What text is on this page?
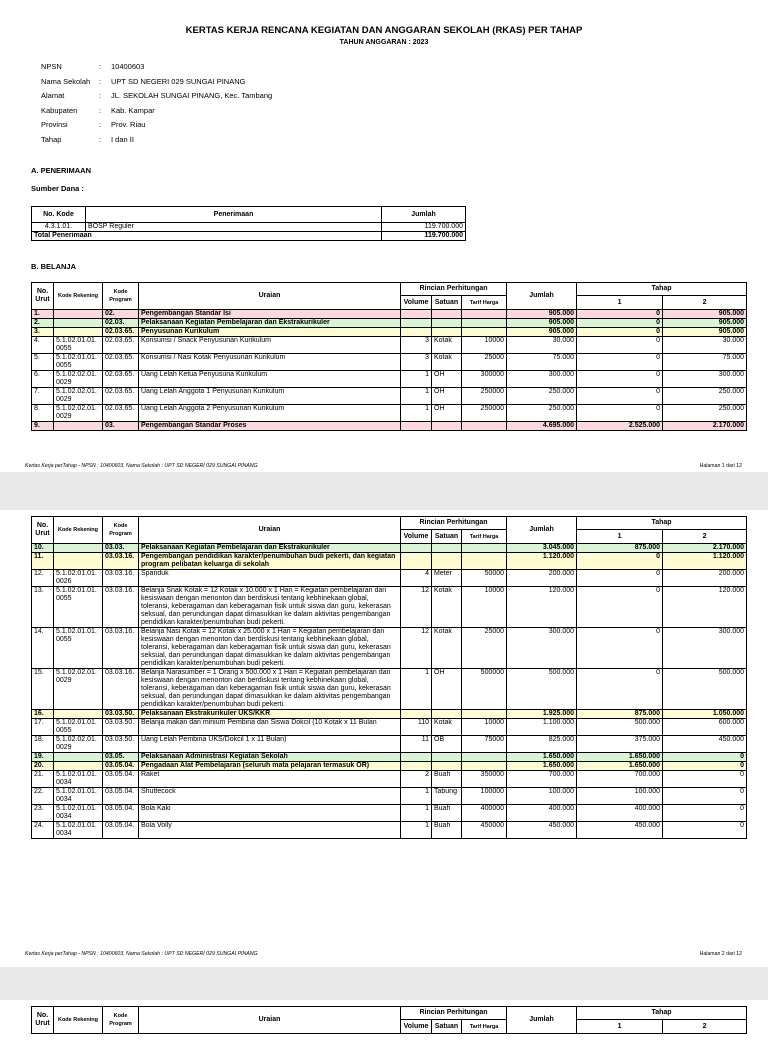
KERTAS KERJA RENCANA KEGIATAN DAN ANGGARAN SEKOLAH (RKAS) PER TAHAP
TAHUN ANGGARAN : 2023
NPSN	:	10400603
Nama Sekolah	:	UPT SD NEGERI 029 SUNGAI PINANG
Alamat	:	JL. SEKOLAH SUNGAI PINANG, Kec. Tambang
Kabupaten	:	Kab. Kampar
Provinsi	:	Prov. Riau
Tahap	:	I dan II
A. PENERIMAAN
Sumber Dana :
No. Kode	Penerimaan	Jumlah
4.3.1.01.	BOSP Reguler	119.700.000
Total Penerimaan		119.700.000
B. BELANJA
No. Urut	Kode Rekening	Kode Program	Uraian	Rincian Perhitungan			Jumlah	Tahap	
				Volume	Satuan	Tarif Harga		1	2
1.		02.	Pengembangan Standar Isi				905.000	0	905.000
2.		02.03.	Pelaksanaan Kegiatan Pembelajaran dan Ekstrakurikuler				905.000	0	905.000
3.		02.03.65.	Penyusunan Kurikulum				905.000	0	905.000
4.	5.1.02.01.01.0055	02.03.65.	Konsumsi / Snack Penyusunan Kurikulum	3	Kotak	10000	30.000	0	30.000
5.	5.1.02.01.01.0055	02.03.65.	Konsumsi / Nasi Kotak Penyusunan Kurikulum	3	Kotak	25000	75.000	0	75.000
6.	5.1.02.02.01.0029	02.03.65.	Uang Lelah Ketua Penyusuna Kurikulum	1	OH	300000	300.000	0	300.000
7.	5.1.02.02.01.0029	02.03.65.	Uang Lelah Anggota 1 Penyusunan Kurikulum	1	OH	250000	250.000	0	250.000
8.	5.1.02.02.01.0029	02.03.65.	Uang Lelah Anggota 2 Penyusunan Kurikulum	1	OH	250000	250.000	0	250.000
9.		03.	Pengembangan Standar Proses				4.695.000	2.525.000	2.170.000
Kertas Kerja perTahap - NPSN : 10400603, Nama Sekolah : UPT SD NEGERI 029 SUNGAI PINANG	Halaman 1 dari 12
No. Urut	Kode Rekening	Kode Program	Uraian	Rincian Perhitungan			Jumlah	Tahap	
				Volume	Satuan	Tarif Harga		1	2
10.		03.03.	Pelaksanaan Kegiatan Pembelajaran dan Ekstrakurikuler				3.045.000	875.000	2.170.000
11.		03.03.16.	Pengembangan pendidikan karakter/penumbuhan budi pekerti, dan kegiatan program pelibatan keluarga di sekolah				1.120.000	0	1.120.000
12.	5.1.02.01.01.0026	03.03.16.	Spanduk	4	Meter	50000	200.000	0	200.000
13.	5.1.02.01.01.0055	03.03.16.	Belanja Snak Kotak = 12 Kotak x 10.000 x 1 Hari = Kegiatan pembelajaran dan kesiswaan dengan menonton dan berdiskusi tentang kebhinekaan global, toleransi, keberagaman dan keberagaman fisik untuk siswa dan guru, kekerasan seksual, dan perundungan dapat dimasukkan ke dalam aktivitas pengembangan pendidikan karakter/penumbuhan budi pekerti.	12	Kotak	10000	120.000	0	120.000
14.	5.1.02.01.01.0055	03.03.16.	Belanja Nasi Kotak = 12 Kotak x 25.000 x 1 Hari = Kegiatan pembelajaran dan kesiswaan dengan menonton dan berdiskusi tentang kebhinekaan global, toleransi, keberagaman dan keberagaman fisik untuk siswa dan guru, kekerasan seksual, dan perundungan dapat dimasukkan ke dalam aktivitas pengembangan pendidikan karakter/penumbuhan budi pekerti.	12	Kotak	25000	300.000	0	300.000
15.	5.1.02.02.01.0029	03.03.16.	Belanja Narasumber = 1 Orang x 500.000 x 1 Hari = Kegiatan pembelajaran dan kesiswaan dengan menonton dan berdiskusi tentang kebhinekaan global, toleransi, keberagaman dan keberagaman fisik untuk siswa dan guru, kekerasan seksual, dan perundungan dapat dimasukkan ke dalam aktivitas pengembangan pendidikan karakter/penumbuhan budi pekerti.	1	OH	500000	500.000	0	500.000
16.		03.03.50.	Pelaksanaan Ekstrakurikuler UKS/KKR				1.925.000	875.000	1.050.000
17.	5.1.02.01.01.0055	03.03.50.	Belanja makan dan minium Pembina dan Siswa Dokcil (10 Kotak x 11 Bulan	110	Kotak	10000	1.100.000	500.000	600.000
18.	5.1.02.02.01.0029	03.03.50.	Uang Lelah Pembina UKS/Dokcil 1 x 11 Bulan)	11	OB	75000	825.000	375.000	450.000
19.		03.05.	Pelaksanaan Administrasi Kegiatan Sekolah				1.650.000	1.650.000	0
20.		03.05.04.	Pengadaan Alat Pembelajaran (seluruh mata pelajaran termasuk OR)				1.650.000	1.650.000	0
21.	5.1.02.01.01.0034	03.05.04.	Raket	2	Buah	350000	700.000	700.000	0
22.	5.1.02.01.01.0034	03.05.04.	Shuttecock	1	Tabung	100000	100.000	100.000	0
23.	5.1.02.01.01.0034	03.05.04.	Bola Kaki	1	Buah	400000	400.000	400.000	0
24.	5.1.02.01.01.0034	03.05.04.	Bola Volly	1	Buah	450000	450.000	450.000	0
Kertas Kerja perTahap - NPSN : 10400603, Nama Sekolah : UPT SD NEGERI 029 SUNGAI PINANG	Halaman 2 dari 12
No. Urut	Kode Rekening	Kode Program	Uraian	Rincian Perhitungan			Jumlah	Tahap	
				Volume	Satuan	Tarif Harga		1	2
